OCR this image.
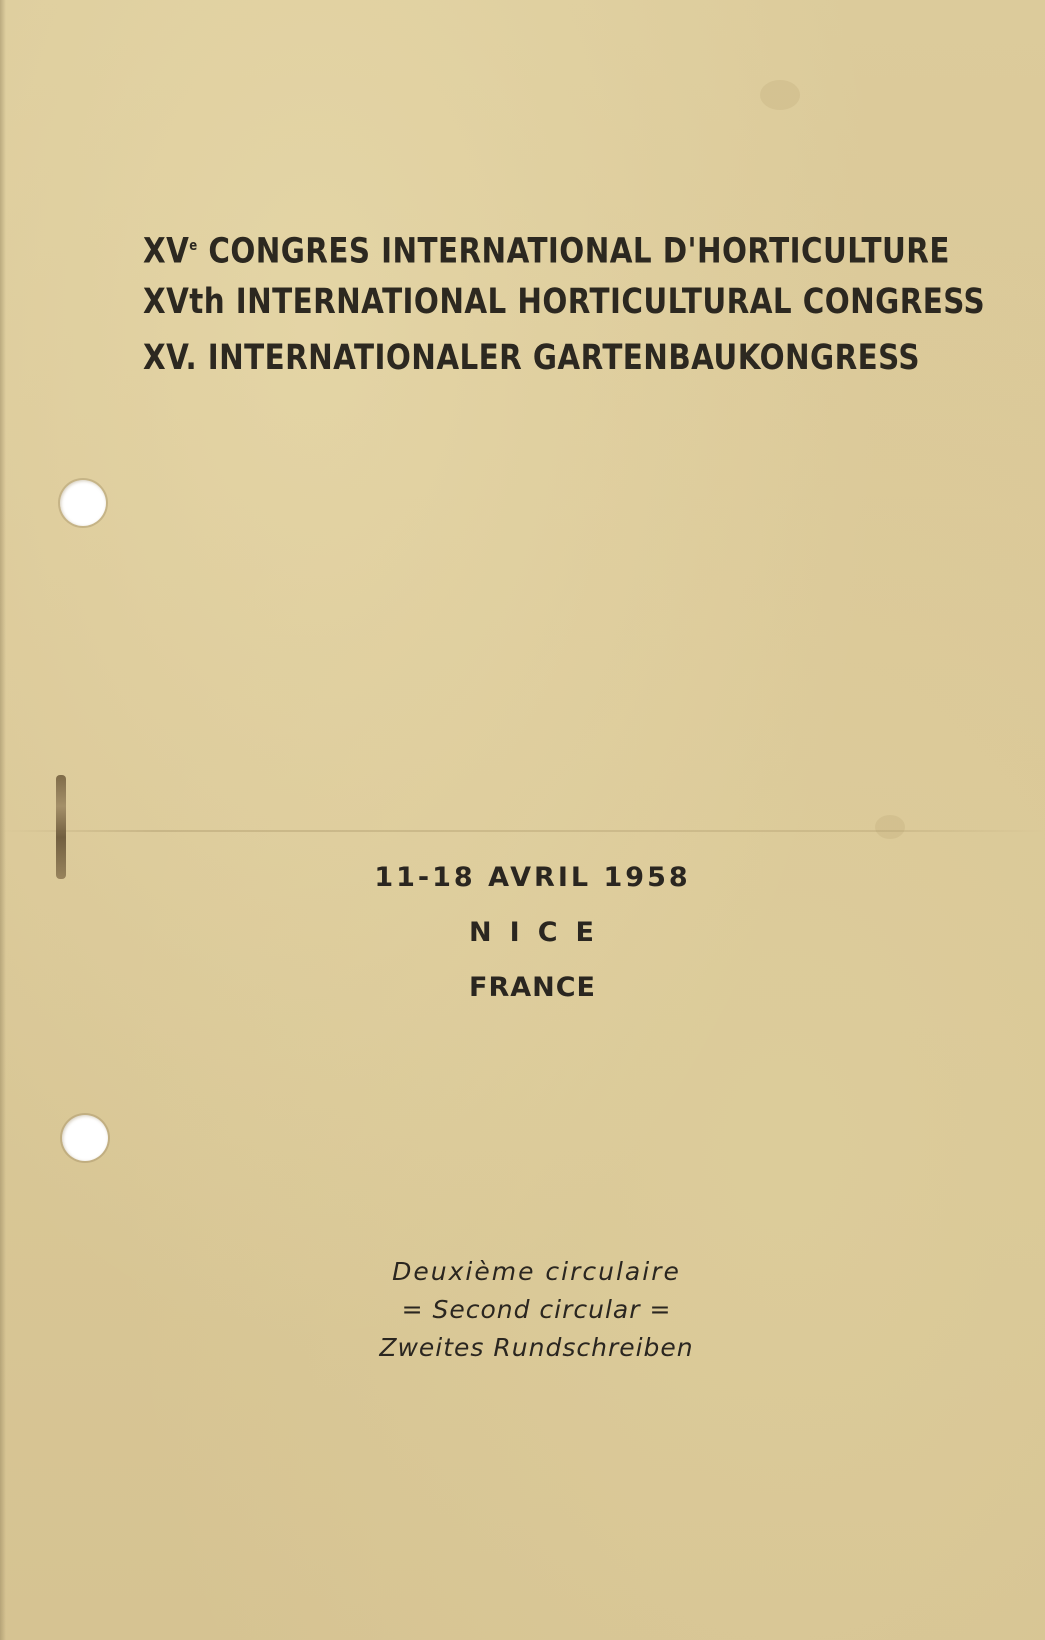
XVe CONGRES INTERNATIONAL D'HORTICULTURE
XVth INTERNATIONAL HORTICULTURAL CONGRESS
XV. INTERNATIONALER GARTENBAUKONGRESS
11-18 AVRIL 1958
NICE
FRANCE
Deuxième circulaire
= Second circular =
Zweites Rundschreiben
